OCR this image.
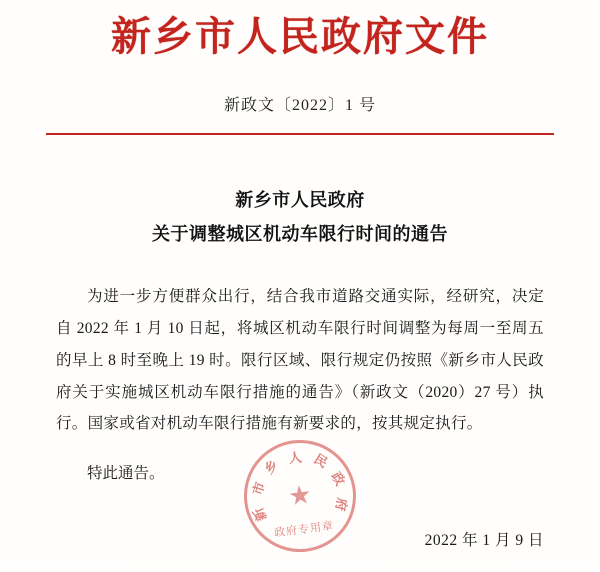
新乡市人民政府文件
新政文〔2022〕1 号
新乡市人民政府
关于调整城区机动车限行时间的通告

为进一步方便群众出行，结合我市道路交通实际，经研究，决定自 2022 年 1 月 10 日起，将城区机动车限行时间调整为每周一至周五的早上 8 时至晚上 19 时。限行区域、限行规定仍按照《新乡市人民政府关于实施城区机动车限行措施的通告》（新政文（2020）27 号）执行。国家或省对机动车限行措施有新要求的，按其规定执行。

特此通告。

人 民
政
府
市
乡
新
★
政府专用章
2022 年 1 月 9 日
